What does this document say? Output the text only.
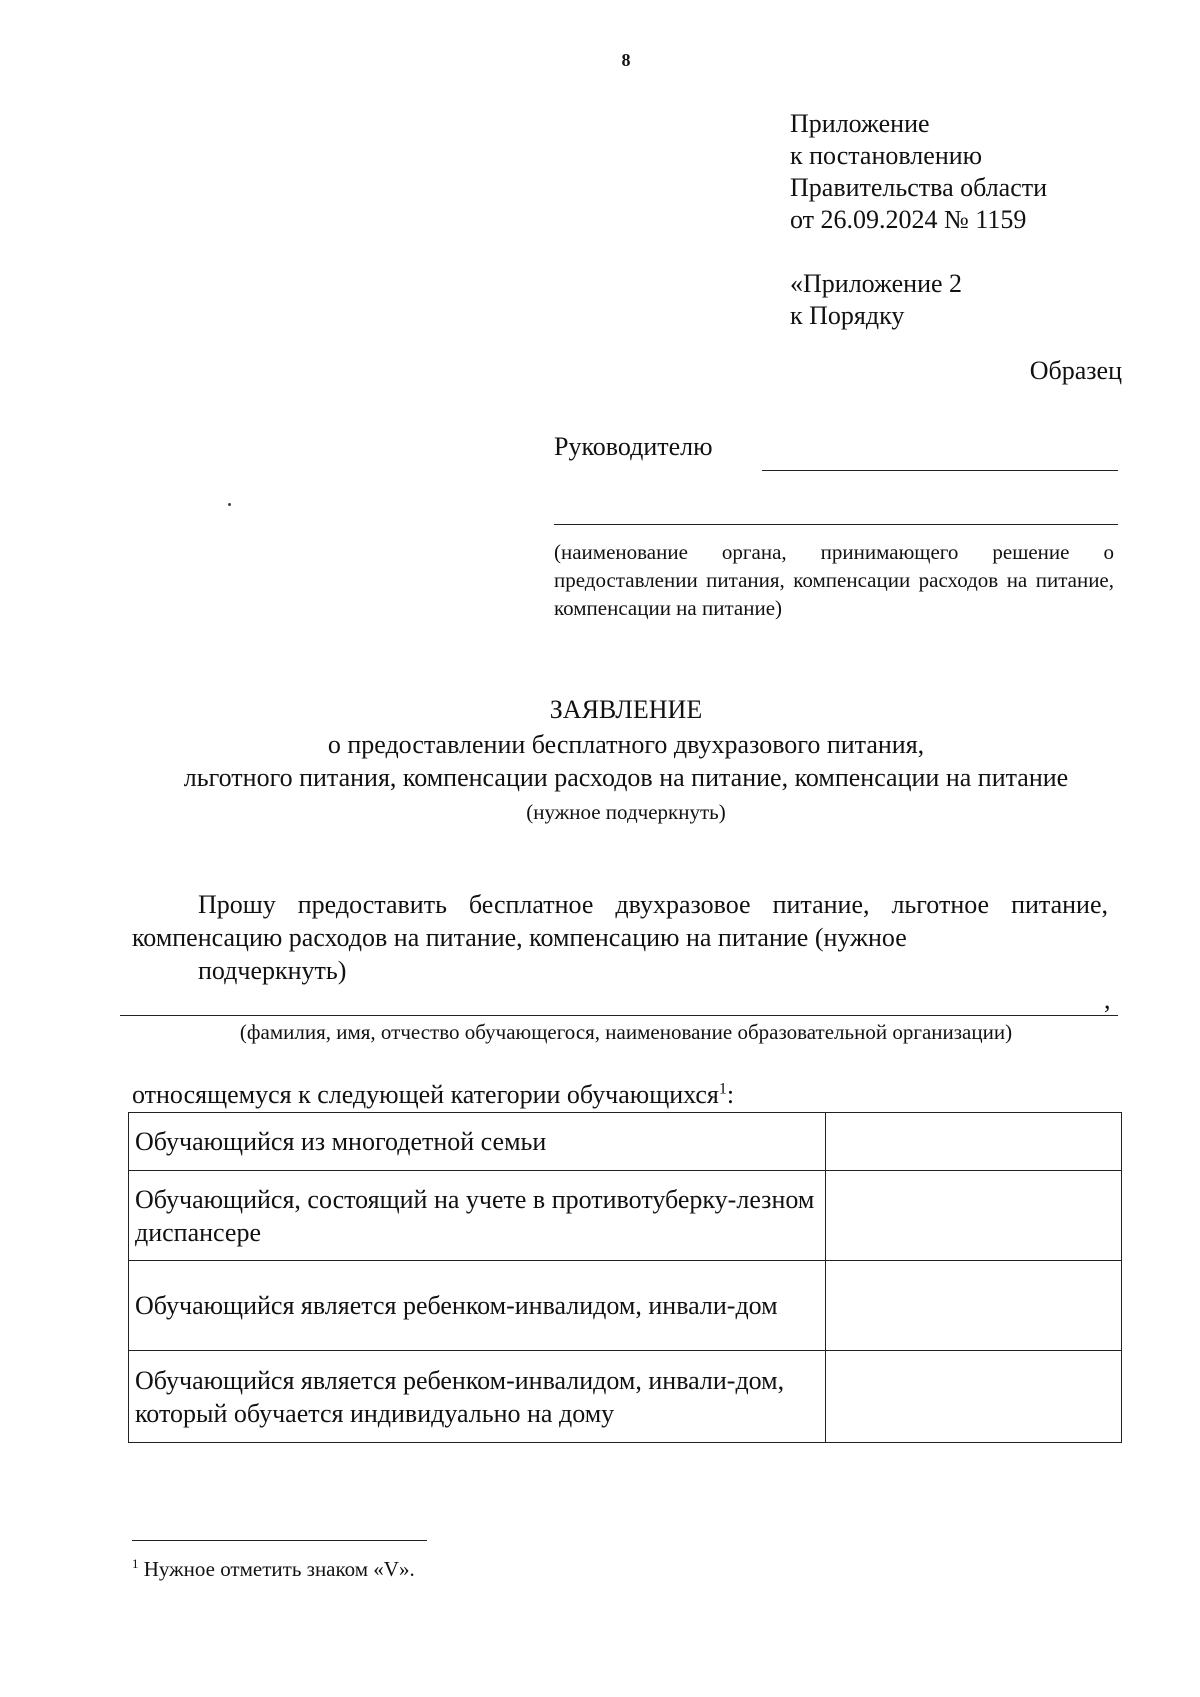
8
Приложение
к постановлению
Правительства области
от 26.09.2024 № 1159
«Приложение 2
к Порядку
Образец
Руководителю
(наименование органа, принимающего решение о предоставлении питания, компенсации расходов на питание, компенсации на питание)
ЗАЯВЛЕНИЕ
о предоставлении бесплатного двухразового питания,
льготного питания, компенсации расходов на питание, компенсации на питание
(нужное подчеркнуть)
Прошу предоставить бесплатное двухразовое питание, льготное питание, компенсацию расходов на питание, компенсацию на питание (нужное
подчеркнуть)
,
(фамилия, имя, отчество обучающегося, наименование образовательной организации)
относящемуся к следующей категории обучающихся$^1$:
Обучающийся из многодетной семьи	
Обучающийся, состоящий на учете в противотуберку-лезном диспансере	
Обучающийся является ребенком-инвалидом, инвали-дом	
Обучающийся является ребенком-инвалидом, инвали-дом, который обучается индивидуально на дому	
$^1$ Нужное отметить знаком «V».
